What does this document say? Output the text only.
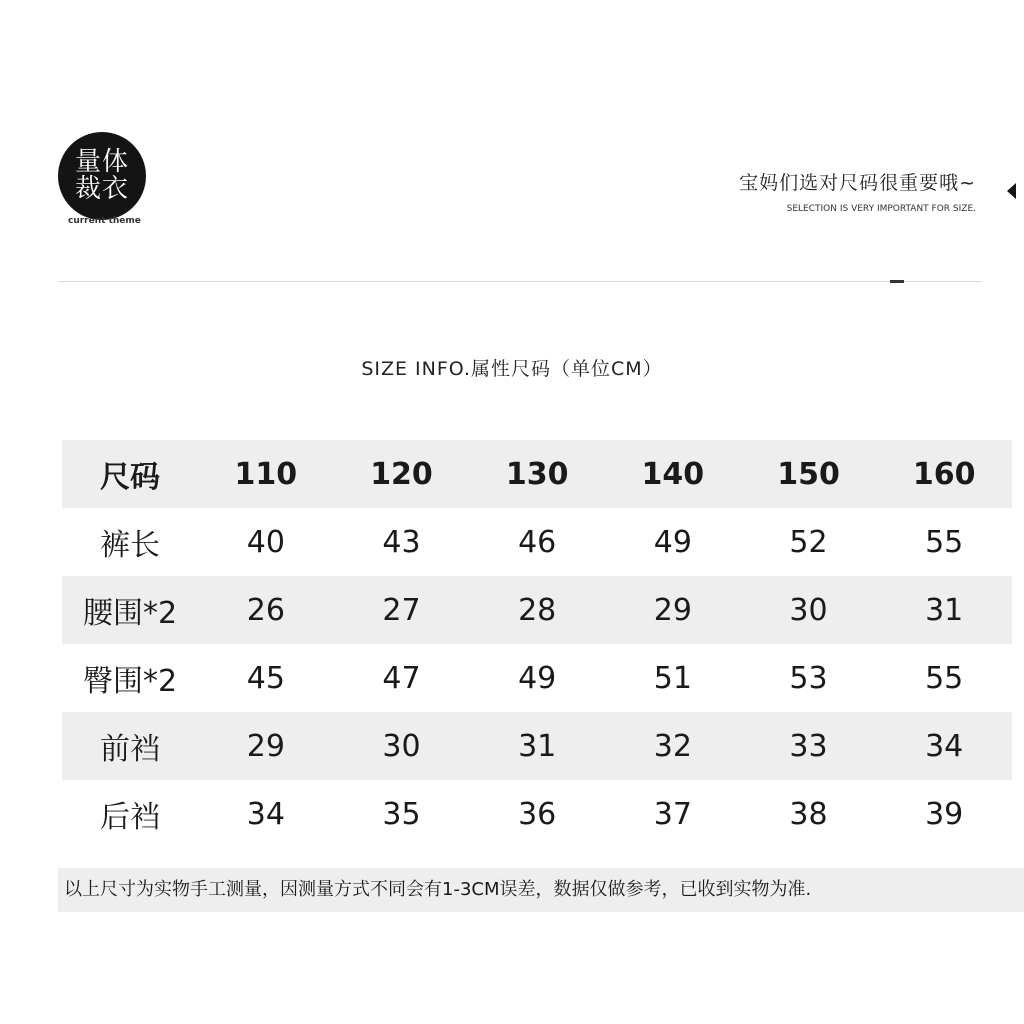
量体
裁衣
current theme
宝妈们选对尺码很重要哦~
SELECTION IS VERY IMPORTANT FOR SIZE.
SIZE INFO.属性尺码（单位CM）
尺码	110	120	130	140	150	160
裤长	40	43	46	49	52	55
腰围*2	26	27	28	29	30	31
臀围*2	45	47	49	51	53	55
前裆	29	30	31	32	33	34
后裆	34	35	36	37	38	39
以上尺寸为实物手工测量，因测量方式不同会有1-3CM误差，数据仅做参考，已收到实物为准.
